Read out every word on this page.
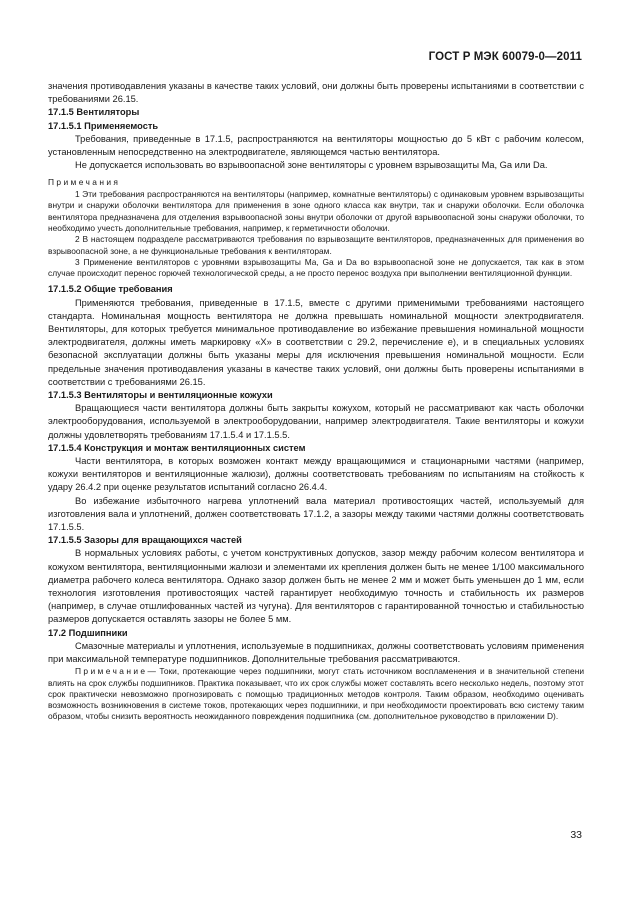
ГОСТ Р МЭК 60079-0—2011

значения противодавления указаны в качестве таких условий, они должны быть проверены испытаниями в соответствии с требованиями 26.15.

17.1.5 Вентиляторы

17.1.5.1 Применяемость

Требования, приведенные в 17.1.5, распространяются на вентиляторы мощностью до 5 кВт с рабочим колесом, установленным непосредственно на электродвигателе, являющемся частью вентилятора.

Не допускается использовать во взрывоопасной зоне вентиляторы с уровнем взрывозащиты Ma, Ga или Da.

Примечания

1 Эти требования распространяются на вентиляторы (например, комнатные вентиляторы) с одинаковым уровнем взрывозащиты внутри и снаружи оболочки вентилятора для применения в зоне одного класса как внутри, так и снаружи оболочки. Если оболочка вентилятора предназначена для отделения взрывоопасной зоны внутри оболочки от другой взрывоопасной зоны снаружи оболочки, то необходимо учесть дополнительные требования, например, к герметичности оболочки.

2 В настоящем подразделе рассматриваются требования по взрывозащите вентиляторов, предназначенных для применения во взрывоопасной зоне, а не функциональные требования к вентиляторам.

3 Применение вентиляторов с уровнями взрывозащиты Ma, Ga и Da во взрывоопасной зоне не допускается, так как в этом случае происходит перенос горючей технологической среды, а не просто перенос воздуха при выполнении вентиляционной функции.

17.1.5.2 Общие требования

Применяются требования, приведенные в 17.1.5, вместе с другими применимыми требованиями настоящего стандарта. Номинальная мощность вентилятора не должна превышать номинальной мощности электродвигателя. Вентиляторы, для которых требуется минимальное противодавление во избежание превышения номинальной мощности электродвигателя, должны иметь маркировку «X» в соответствии с 29.2, перечисление e), и в специальных условиях безопасной эксплуатации должны быть указаны меры для исключения превышения номинальной мощности. Если предельные значения противодавления указаны в качестве таких условий, они должны быть проверены испытаниями в соответствии с требованиями 26.15.

17.1.5.3 Вентиляторы и вентиляционные кожухи

Вращающиеся части вентилятора должны быть закрыты кожухом, который не рассматривают как часть оболочки электрооборудования, используемой в электрооборудовании, например электродвигателя. Такие вентиляторы и кожухи должны удовлетворять требованиям 17.1.5.4 и 17.1.5.5.

17.1.5.4 Конструкция и монтаж вентиляционных систем

Части вентилятора, в которых возможен контакт между вращающимися и стационарными частями (например, кожухи вентиляторов и вентиляционные жалюзи), должны соответствовать требованиям по испытаниям на стойкость к удару 26.4.2 при оценке результатов испытаний согласно 26.4.4.

Во избежание избыточного нагрева уплотнений вала материал противостоящих частей, используемый для изготовления вала и уплотнений, должен соответствовать 17.1.2, а зазоры между такими частями должны соответствовать 17.1.5.5.

17.1.5.5 Зазоры для вращающихся частей

В нормальных условиях работы, с учетом конструктивных допусков, зазор между рабочим колесом вентилятора и кожухом вентилятора, вентиляционными жалюзи и элементами их крепления должен быть не менее 1/100 максимального диаметра рабочего колеса вентилятора. Однако зазор должен быть не менее 2 мм и может быть уменьшен до 1 мм, если технология изготовления противостоящих частей гарантирует необходимую точность и стабильность их размеров (например, в случае отшлифованных частей из чугуна). Для вентиляторов с гарантированной точностью и стабильностью размеров допускается оставлять зазоры не более 5 мм.

17.2 Подшипники

Смазочные материалы и уплотнения, используемые в подшипниках, должны соответствовать условиям применения при максимальной температуре подшипников. Дополнительные требования рассматриваются.

Примечание— Токи, протекающие через подшипники, могут стать источником воспламенения и в значительной степени влиять на срок службы подшипников. Практика показывает, что их срок службы может составлять всего несколько недель, поэтому этот срок практически невозможно прогнозировать с помощью традиционных методов контроля. Таким образом, необходимо оценивать возможность возникновения в системе токов, протекающих через подшипники, и при необходимости проектировать всю систему таким образом, чтобы снизить вероятность неожиданного повреждения подшипника (см. дополнительное руководство в приложении D).

33
